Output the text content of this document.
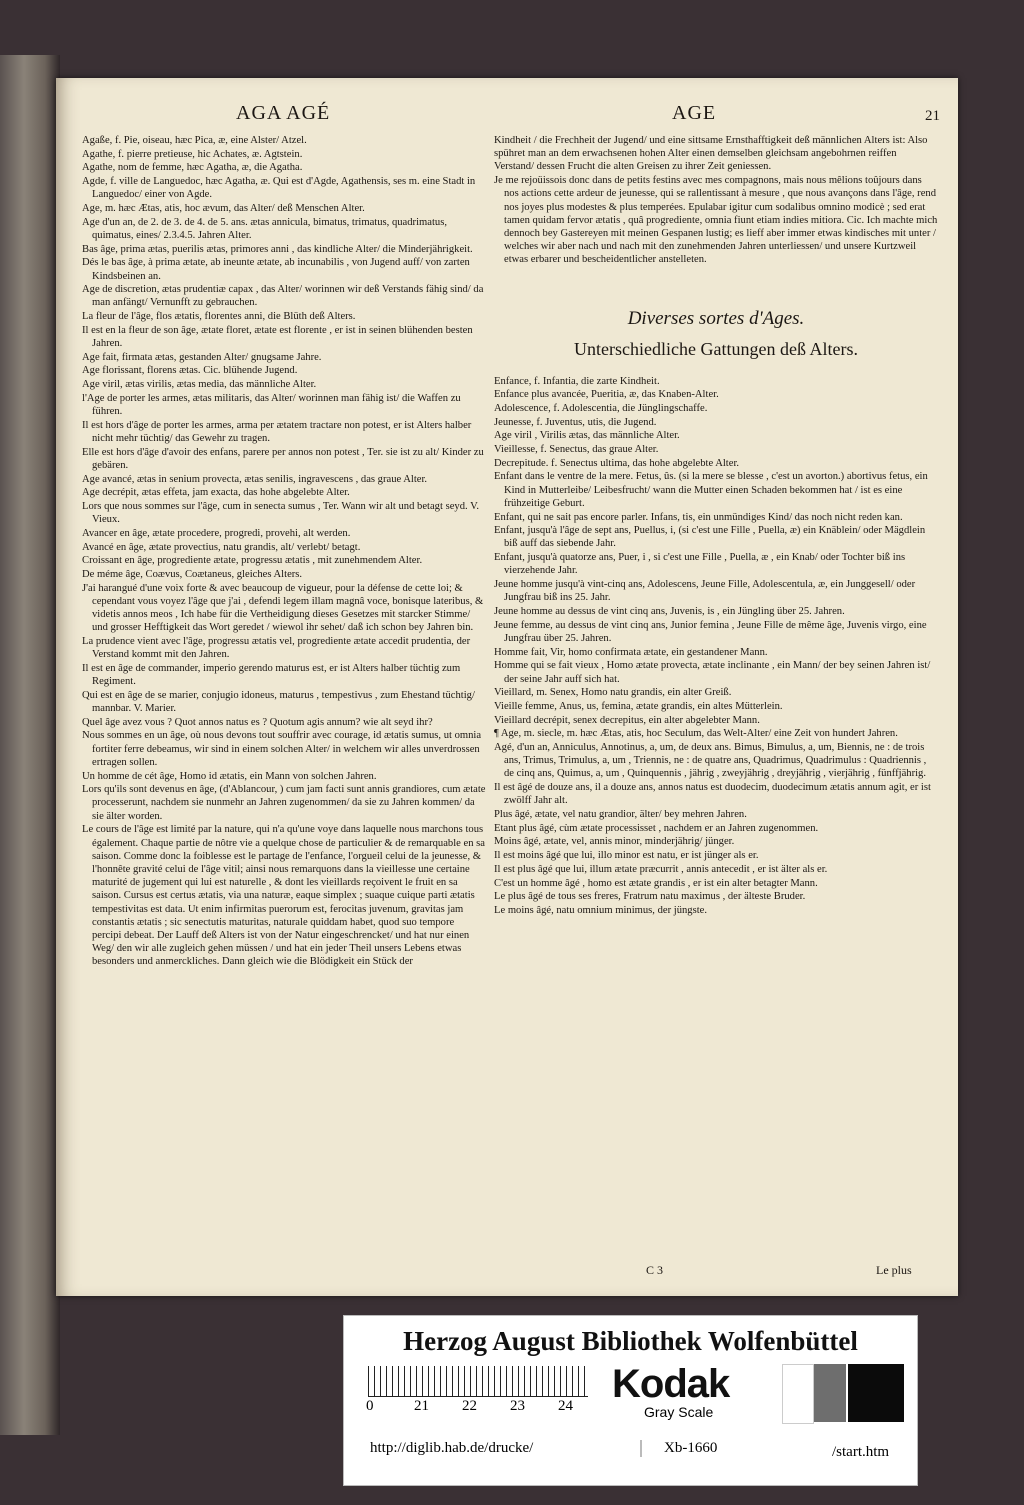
AGA AGÉ	AGE	21

Agaße, f. Pie, oiseau, hæc Pica, æ, eine Alster/ Atzel.

Agathe, f. pierre pretieuse, hic Achates, æ. Agtstein.

Agathe, nom de femme, hæc Agatha, æ, die Agatha.

Agde, f. ville de Languedoc, hæc Agatha, æ. Qui est d'Agde, Agathensis, ses m. eine Stadt in Languedoc/ einer von Agde.

Age, m. hæc Ætas, atis, hoc ævum, das Alter/ deß Menschen Alter.

Age d'un an, de 2. de 3. de 4. de 5. ans. ætas annicula, bimatus, trimatus, quadrimatus, quimatus, eines/ 2.3.4.5. Jahren Alter.

Bas âge, prima ætas, puerilis ætas, primores anni , das kindliche Alter/ die Minderjährigkeit.

Dés le bas âge, à prima ætate, ab ineunte ætate, ab incunabilis , von Jugend auff/ von zarten Kindsbeinen an.

Age de discretion, ætas prudentiæ capax , das Alter/ worinnen wir deß Verstands fähig sind/ da man anfängt/ Vernunfft zu gebrauchen.

La fleur de l'âge, flos ætatis, florentes anni, die Blüth deß Alters.

Il est en la fleur de son âge, ætate floret, ætate est florente , er ist in seinen blühenden besten Jahren.

Age fait, firmata ætas, gestanden Alter/ gnugsame Jahre.

Age florissant, florens ætas. Cic. blühende Jugend.

Age viril, ætas virilis, ætas media, das männliche Alter.

l'Age de porter les armes, ætas militaris, das Alter/ worinnen man fähig ist/ die Waffen zu führen.

Il est hors d'âge de porter les armes, arma per ætatem tractare non potest, er ist Alters halber nicht mehr tüchtig/ das Gewehr zu tragen.

Elle est hors d'âge d'avoir des enfans, parere per annos non potest , Ter. sie ist zu alt/ Kinder zu gebären.

Age avancé, ætas in senium provecta, ætas senilis, ingravescens , das graue Alter.

Age decrépit, ætas effeta, jam exacta, das hohe abgelebte Alter.

Lors que nous sommes sur l'âge, cum in senecta sumus , Ter. Wann wir alt und betagt seyd. V. Vieux.

Avancer en âge, ætate procedere, progredi, provehi, alt werden.

Avancé en âge, ætate provectius, natu grandis, alt/ verlebt/ betagt.

Croissant en âge, progrediente ætate, progressu ætatis , mit zunehmendem Alter.

De méme âge, Coævus, Coætaneus, gleiches Alters.

J'ai harangué d'une voix forte & avec beaucoup de vigueur, pour la défense de cette loi; & cependant vous voyez l'âge que j'ai , defendi legem illam magnâ voce, bonisque lateribus, & videtis annos meos , Ich habe für die Vertheidigung dieses Gesetzes mit starcker Stimme/ und grosser Hefftigkeit das Wort geredet / wiewol ihr sehet/ daß ich schon bey Jahren bin.

La prudence vient avec l'âge, progressu ætatis vel, progrediente ætate accedit prudentia, der Verstand kommt mit den Jahren.

Il est en âge de commander, imperio gerendo maturus est, er ist Alters halber tüchtig zum Regiment.

Qui est en âge de se marier, conjugio idoneus, maturus , tempestivus , zum Ehestand tüchtig/ mannbar. V. Marier.

Quel âge avez vous ? Quot annos natus es ? Quotum agis annum? wie alt seyd ihr?

Nous sommes en un âge, où nous devons tout souffrir avec courage, id ætatis sumus, ut omnia fortiter ferre debeamus, wir sind in einem solchen Alter/ in welchem wir alles unverdrossen ertragen sollen.

Un homme de cét âge, Homo id ætatis, ein Mann von solchen Jahren.

Lors qu'ils sont devenus en âge, (d'Ablancour, ) cum jam facti sunt annis grandiores, cum ætate processerunt, nachdem sie nunmehr an Jahren zugenommen/ da sie zu Jahren kommen/ da sie älter worden.

Le cours de l'âge est limité par la nature, qui n'a qu'une voye dans laquelle nous marchons tous également. Chaque partie de nôtre vie a quelque chose de particulier & de remarquable en sa saison. Comme donc la foiblesse est le partage de l'enfance, l'orgueil celui de la jeunesse, & l'honnête gravité celui de l'âge vitil; ainsi nous remarquons dans la vieillesse une certaine maturité de jugement qui lui est naturelle , & dont les vieillards reçoivent le fruit en sa saison. Cursus est certus ætatis, via una naturæ, eaque simplex ; suaque cuique parti ætatis tempestivitas est data. Ut enim infirmitas puerorum est, ferocitas juvenum, gravitas jam constantis ætatis ; sic senectutis maturitas, naturale quiddam habet, quod suo tempore percipi debeat. Der Lauff deß Alters ist von der Natur eingeschrencket/ und hat nur einen Weg/ den wir alle zugleich gehen müssen / und hat ein jeder Theil unsers Lebens etwas besonders und anmerckliches. Dann gleich wie die Blödigkeit ein Stück der

Kindheit / die Frechheit der Jugend/ und eine sittsame Ernsthafftigkeit deß männlichen Alters ist: Also spühret man an dem erwachsenen hohen Alter einen demselben gleichsam angebohrnen reiffen Verstand/ dessen Frucht die alten Greisen zu ihrer Zeit geniessen.

Je me rejoüissois donc dans de petits festins avec mes compagnons, mais nous mêlions toûjours dans nos actions cette ardeur de jeunesse, qui se rallentissant à mesure , que nous avançons dans l'âge, rend nos joyes plus modestes & plus temperées. Epulabar igitur cum sodalibus omnino modicè ; sed erat tamen quidam fervor ætatis , quâ progrediente, omnia fiunt etiam indies mitiora. Cic. Ich machte mich dennoch bey Gastereyen mit meinen Gespanen lustig; es lieff aber immer etwas kindisches mit unter / welches wir aber nach und nach mit den zunehmenden Jahren unterliessen/ und unsere Kurtzweil etwas erbarer und bescheidentlicher anstelleten.

Diverses sortes d'Ages.
Unterschiedliche Gattungen deß Alters.

Enfance, f. Infantia, die zarte Kindheit.

Enfance plus avancée, Pueritia, æ, das Knaben-Alter.

Adolescence, f. Adolescentia, die Jünglingschaffe.

Jeunesse, f. Juventus, utis, die Jugend.

Age viril , Virilis ætas, das männliche Alter.

Vieillesse, f. Senectus, das graue Alter.

Decrepitude. f. Senectus ultima, das hohe abgelebte Alter.

Enfant dans le ventre de la mere. Fetus, ûs. (si la mere se blesse , c'est un avorton.) abortivus fetus, ein Kind in Mutterleibe/ Leibesfrucht/ wann die Mutter einen Schaden bekommen hat / ist es eine frühzeitige Geburt.

Enfant, qui ne sait pas encore parler. Infans, tis, ein unmündiges Kind/ das noch nicht reden kan.

Enfant, jusqu'à l'âge de sept ans, Puellus, i, (si c'est une Fille , Puella, æ) ein Knäblein/ oder Mägdlein biß auff das siebende Jahr.

Enfant, jusqu'à quatorze ans, Puer, i , si c'est une Fille , Puella, æ , ein Knab/ oder Tochter biß ins vierzehende Jahr.

Jeune homme jusqu'à vint-cinq ans, Adolescens, Jeune Fille, Adolescentula, æ, ein Junggesell/ oder Jungfrau biß ins 25. Jahr.

Jeune homme au dessus de vint cinq ans, Juvenis, is , ein Jüngling über 25. Jahren.

Jeune femme, au dessus de vint cinq ans, Junior femina , Jeune Fille de même âge, Juvenis virgo, eine Jungfrau über 25. Jahren.

Homme fait, Vir, homo confirmata ætate, ein gestandener Mann.

Homme qui se fait vieux , Homo ætate provecta, ætate inclinante , ein Mann/ der bey seinen Jahren ist/ der seine Jahr auff sich hat.

Vieillard, m. Senex, Homo natu grandis, ein alter Greiß.

Vieille femme, Anus, us, femina, ætate grandis, ein altes Mütterlein.

Vieillard decrépit, senex decrepitus, ein alter abgelebter Mann.

¶ Age, m. siecle, m. hæc Ætas, atis, hoc Seculum, das Welt-Alter/ eine Zeit von hundert Jahren.

Agé, d'un an, Anniculus, Annotinus, a, um, de deux ans. Bimus, Bimulus, a, um, Biennis, ne : de trois ans, Trimus, Trimulus, a, um , Triennis, ne : de quatre ans, Quadrimus, Quadrimulus : Quadriennis , de cinq ans, Quimus, a, um , Quinquennis , jährig , zweyjährig , dreyjährig , vierjährig , fünffjährig.

Il est âgé de douze ans, il a douze ans, annos natus est duodecim, duodecimum ætatis annum agit, er ist zwölff Jahr alt.

Plus âgé, ætate, vel natu grandior, älter/ bey mehren Jahren.

Etant plus âgé, cùm ætate processisset , nachdem er an Jahren zugenommen.

Moins âgé, ætate, vel, annis minor, minderjährig/ jünger.

Il est moins âgé que lui, illo minor est natu, er ist jünger als er.

Il est plus âgé que lui, illum ætate præcurrit , annis antecedit , er ist älter als er.

C'est un homme âgé , homo est ætate grandis , er ist ein alter betagter Mann.

Le plus âgé de tous ses freres, Fratrum natu maximus , der älteste Bruder.

Le moins âgé, natu omnium minimus, der jüngste.

C 3	Le plus
Herzog August Bibliothek Wolfenbüttel
0	21	22	23	24 Kodak
Gray Scale
http://diglib.hab.de/drucke/	Xb-1660	/start.htm
